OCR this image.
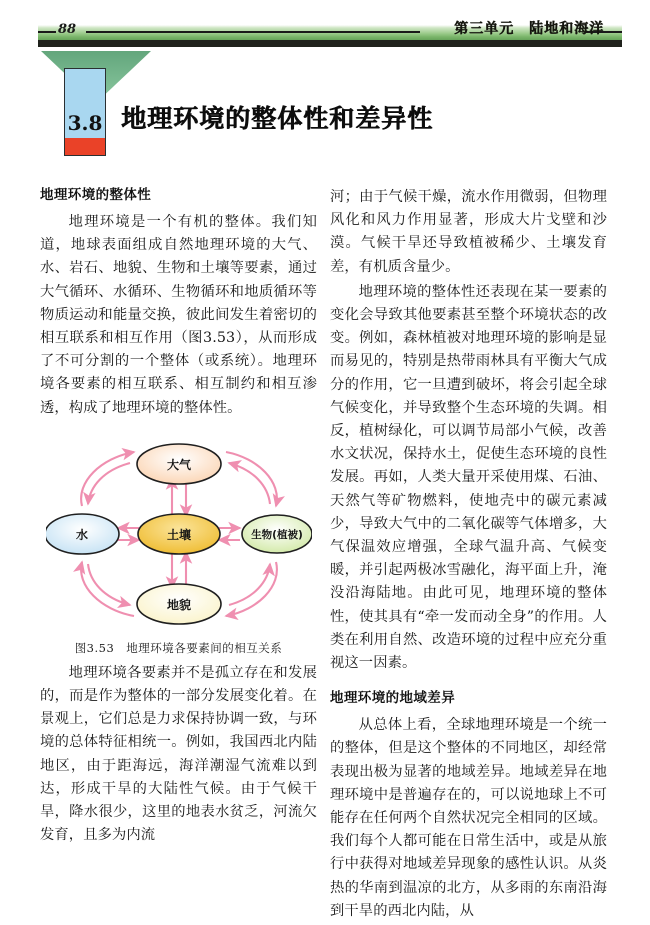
88	第三单元　陆地和海洋
3.8 地理环境的整体性和差异性
地理环境的整体性

地理环境是一个有机的整体。我们知道，地球表面组成自然地理环境的大气、水、岩石、地貌、生物和土壤等要素，通过大气循环、水循环、生物循环和地质循环等物质运动和能量交换，彼此间发生着密切的相互联系和相互作用（图3.53），从而形成了不可分割的一个整体（或系统）。地理环境各要素的相互联系、相互制约和相互渗透，构成了地理环境的整体性。

大气
水	土壤	生物(植被)
地貌
图3.53　地理环境各要素间的相互关系

地理环境各要素并不是孤立存在和发展的，而是作为整体的一部分发展变化着。在景观上，它们总是力求保持协调一致，与环境的总体特征相统一。例如，我国西北内陆地区，由于距海远，海洋潮湿气流难以到达，形成干旱的大陆性气候。由于气候干旱，降水很少，这里的地表水贫乏，河流欠发育，且多为内流

河；由于气候干燥，流水作用微弱，但物理风化和风力作用显著，形成大片戈壁和沙漠。气候干旱还导致植被稀少、土壤发育差，有机质含量少。

地理环境的整体性还表现在某一要素的变化会导致其他要素甚至整个环境状态的改变。例如，森林植被对地理环境的影响是显而易见的，特别是热带雨林具有平衡大气成分的作用，它一旦遭到破坏，将会引起全球气候变化，并导致整个生态环境的失调。相反，植树绿化，可以调节局部小气候，改善水文状况，保持水土，促使生态环境的良性发展。再如，人类大量开采使用煤、石油、天然气等矿物燃料，使地壳中的碳元素减少，导致大气中的二氧化碳等气体增多，大气保温效应增强，全球气温升高、气候变暖，并引起两极冰雪融化，海平面上升，淹没沿海陆地。由此可见，地理环境的整体性，使其具有“牵一发而动全身”的作用。人类在利用自然、改造环境的过程中应充分重视这一因素。

地理环境的地域差异

从总体上看，全球地理环境是一个统一的整体，但是这个整体的不同地区，却经常表现出极为显著的地域差异。地域差异在地理环境中是普遍存在的，可以说地球上不可能存在任何两个自然状况完全相同的区域。我们每个人都可能在日常生活中，或是从旅行中获得对地域差异现象的感性认识。从炎热的华南到温凉的北方，从多雨的东南沿海到干旱的西北内陆，从
